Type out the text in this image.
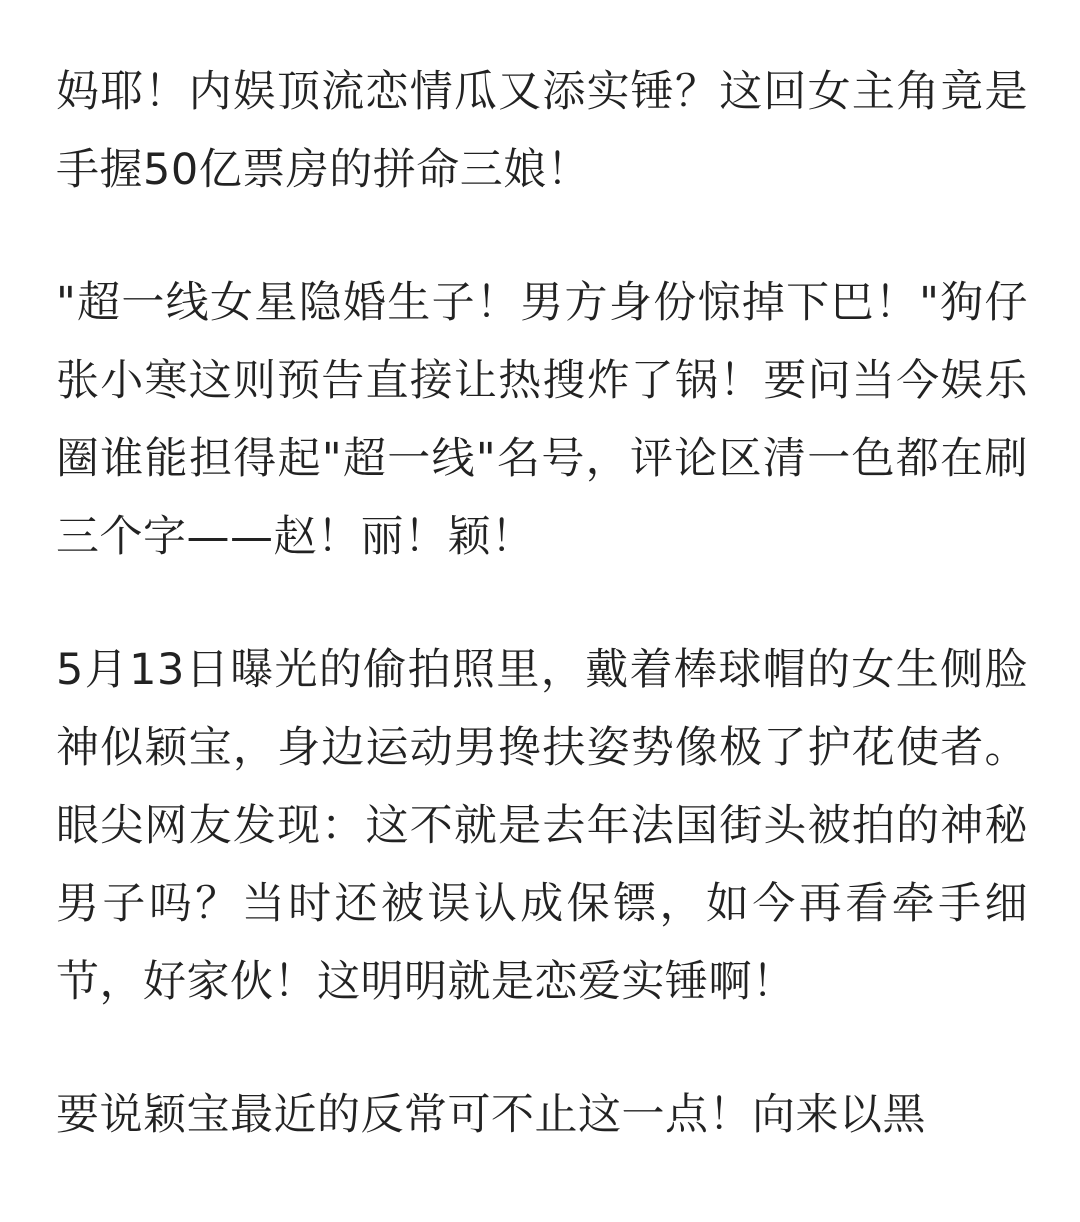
妈耶！内娱顶流恋情瓜又添实锤？这回女主角竟是手握50亿票房的拼命三娘！

"超一线女星隐婚生子！男方身份惊掉下巴！"狗仔张小寒这则预告直接让热搜炸了锅！要问当今娱乐圈谁能担得起"超一线"名号，评论区清一色都在刷三个字——赵！丽！颖！

5月13日曝光的偷拍照里，戴着棒球帽的女生侧脸神似颖宝，身边运动男搀扶姿势像极了护花使者。眼尖网友发现：这不就是去年法国街头被拍的神秘男子吗？当时还被误认成保镖，如今再看牵手细节，好家伙！这明明就是恋爱实锤啊！

要说颖宝最近的反常可不止这一点！向来以黑
